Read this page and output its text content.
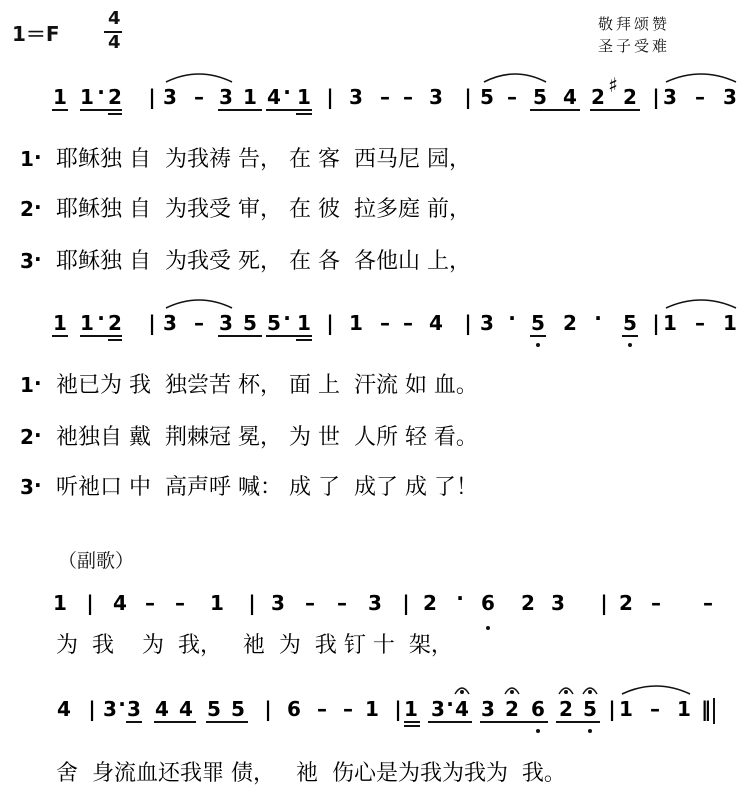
1＝F
4
4
敬拜颂赞
圣子受难
（副歌）
1 1 · 2 | 3 – 3 1 4 · 1 | 3 – – 3 | 5 – 5 4 2 ♯ 2 | 3 – 3
1 1 · 2 | 3 – 3 5 5 · 1 | 1 – – 4 | 3 · 5 2 · 5 | 1 – 1
1 | 4 – – 1 | 3 – – 3 | 2 · 6 2 3 | 2 – –
4 | 3 · 3 4 4 5 5 | 6 – – 1 | 1 3 · 4 3 2 6 2 5 | 1 – 1 ‖
1 · 耶稣独 自  为我祷 告， 在 客  西马尼 园，
2 · 耶稣独 自  为我受 审， 在 彼  拉多庭 前，
3 · 耶稣独 自  为我受 死， 在 各  各他山 上，
1 · 祂已为 我  独尝苦 杯， 面 上  汗流 如 血。
2 · 祂独自 戴  荆棘冠 冕， 为 世  人所 轻 看。
3 · 听祂口 中  高声呼 喊： 成 了  成了 成 了！
为  我    为  我，   祂  为  我 钉 十  架，
舍  身流血还我罪 债，   祂  伤心是为我为我为  我。
